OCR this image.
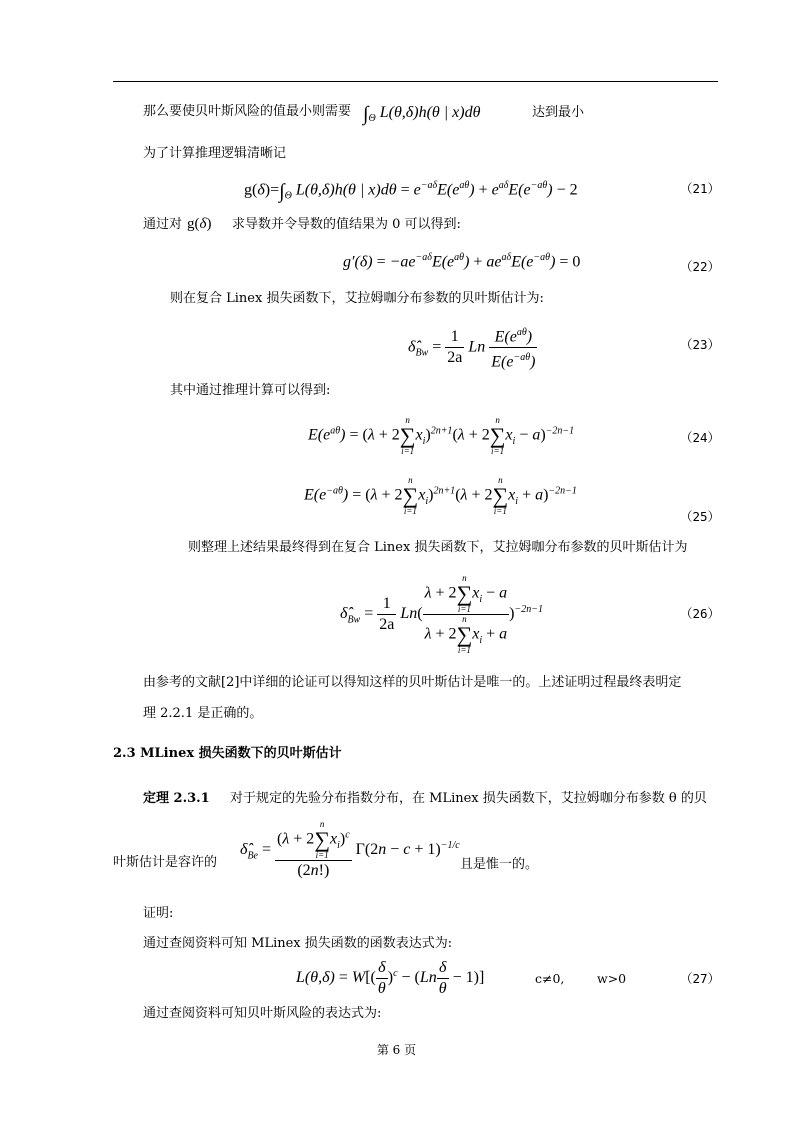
那么要使贝叶斯风险的值最小则需要 $\int_\Theta$ L(θ,δ)h(θ | x)dθ	达到最小
为了计算推理逻辑清晰记
$g(\delta)=\int_\Theta$ L(θ,δ)h(θ | $x)d\theta = e^{-a\delta}E(e^{a\theta}) + e^{a\delta}E(e^{-a\theta}) - 2$	（21）
通过对 g(δ) 求导数并令导数的值结果为 0 可以得到:
$g'(\delta) = -ae^{-a\delta}E(e^{a\theta}) + ae^{a\delta}E(e^{-a\theta}) = 0$	（22）
则在复合 Linex 损失函数下，艾拉姆咖分布参数的贝叶斯估计为:
$\deltâ_{Bw} = \frac{1}{2a}$ Ln $\frac{E(e^{a\theta})}{E(e^{-a\theta})}$	（23）
其中通过推理计算可以得到:
$E(e^{a\theta}) = (\lambda + 2$
n
∑
i=1
$x_i)^{2n+1}(\lambda + 2$
n
∑
i=1
$x_i - a)^{-2n-1}$	（24）
$E(e^{-a\theta}) = (\lambda + 2$
n
∑
i=1
$x_i)^{2n+1}(\lambda + 2$
n
∑
i=1
$x_i + a)^{-2n-1}$
（25）
则整理上述结果最终得到在复合 Linex 损失函数下，艾拉姆咖分布参数的贝叶斯估计为
$\deltâ_{Bw} = \frac{1}{2a} Ln$( λ + 2
n
∑
i=1
$x_i - a$
λ + 2
n
∑
i=1
$x_i + a$ )$^{-2n-1}$	（26）
由参考的文献[2]中详细的论证可以得知这样的贝叶斯估计是唯一的。上述证明过程最终表明定
理 2.2.1 是正确的。
2.3 MLinex 损失函数下的贝叶斯估计
定理 2.3.1 对于规定的先验分布指数分布，在 MLinex 损失函数下，艾拉姆咖分布参数 θ 的贝
叶斯估计是容许的
$\deltâ_{Be} = (\lambda + 2$
n
∑
i=1
$x_i)^c$
(2n!) $\Gamma(2n - c + 1)^{-1/c}$
且是惟一的。
证明:
通过查阅资料可知 MLinex 损失函数的函数表达式为:
$L(\theta,\delta) = W[( \frac{\delta}{\theta} )^c - (Ln \frac{\delta}{\theta} - 1)]$	c≠0,	w>0	（27）
通过查阅资料可知贝叶斯风险的表达式为:
第 6 页
